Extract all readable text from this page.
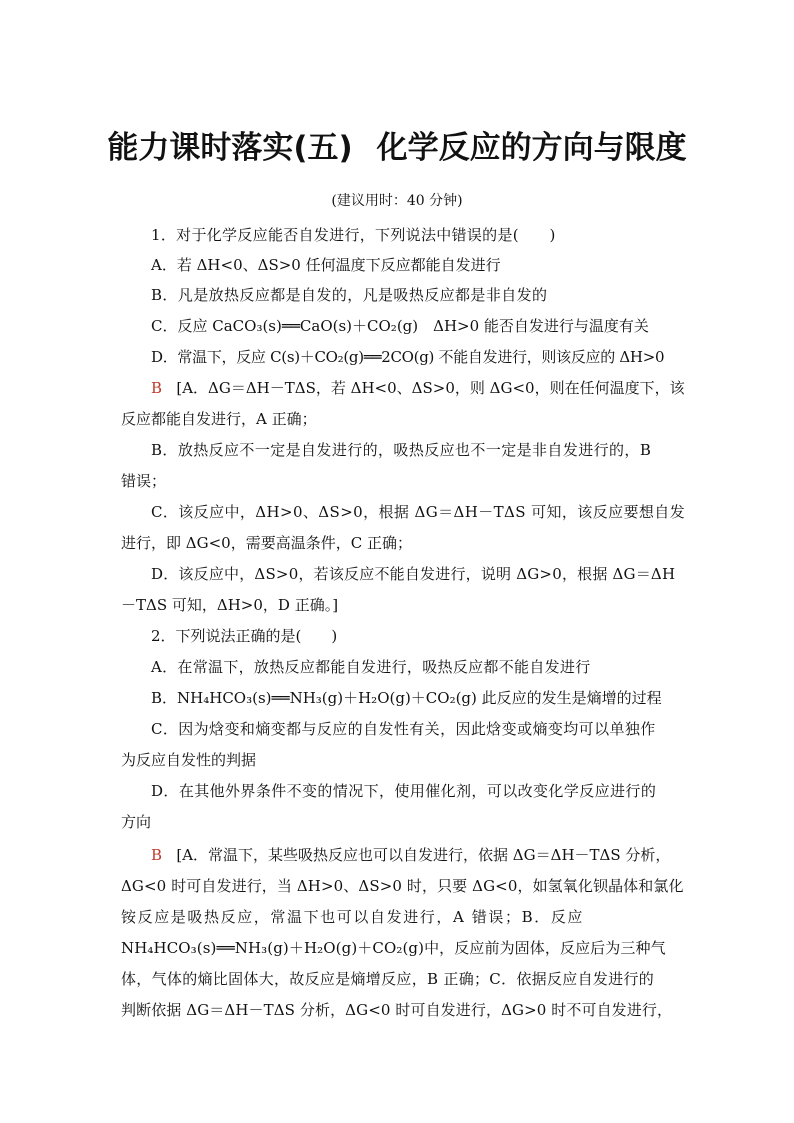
能力课时落实(五) 化学反应的方向与限度
(建议用时：40 分钟)
1．对于化学反应能否自发进行，下列说法中错误的是(　　)
A．若 ΔH<0、ΔS>0 任何温度下反应都能自发进行
B．凡是放热反应都是自发的，凡是吸热反应都是非自发的
C．反应 CaCO₃(s)══CaO(s)＋CO₂(g)　ΔH>0 能否自发进行与温度有关
D．常温下，反应 C(s)＋CO₂(g)══2CO(g) 不能自发进行，则该反应的 ΔH>0
B [A．ΔG＝ΔH－TΔS，若 ΔH<0、ΔS>0，则 ΔG<0，则在任何温度下，该
反应都能自发进行，A 正确；
B．放热反应不一定是自发进行的，吸热反应也不一定是非自发进行的，B
错误；
C．该反应中，ΔH>0、ΔS>0，根据 ΔG＝ΔH－TΔS 可知，该反应要想自发
进行，即 ΔG<0，需要高温条件，C 正确；
D．该反应中，ΔS>0，若该反应不能自发进行，说明 ΔG>0，根据 ΔG＝ΔH
－TΔS 可知，ΔH>0，D 正确。]
2．下列说法正确的是(　　)
A．在常温下，放热反应都能自发进行，吸热反应都不能自发进行
B．NH₄HCO₃(s)══NH₃(g)＋H₂O(g)＋CO₂(g) 此反应的发生是熵增的过程
C．因为焓变和熵变都与反应的自发性有关，因此焓变或熵变均可以单独作
为反应自发性的判据
D．在其他外界条件不变的情况下，使用催化剂，可以改变化学反应进行的
方向
B [A．常温下，某些吸热反应也可以自发进行，依据 ΔG＝ΔH－TΔS 分析，
ΔG<0 时可自发进行，当 ΔH>0、ΔS>0 时，只要 ΔG<0，如氢氧化钡晶体和氯化
铵反应是吸热反应，常温下也可以自发进行，A 错误；B．反应
NH₄HCO₃(s)══NH₃(g)＋H₂O(g)＋CO₂(g)中，反应前为固体，反应后为三种气
体，气体的熵比固体大，故反应是熵增反应，B 正确；C．依据反应自发进行的
判断依据 ΔG＝ΔH－TΔS 分析，ΔG<0 时可自发进行，ΔG>0 时不可自发进行，
